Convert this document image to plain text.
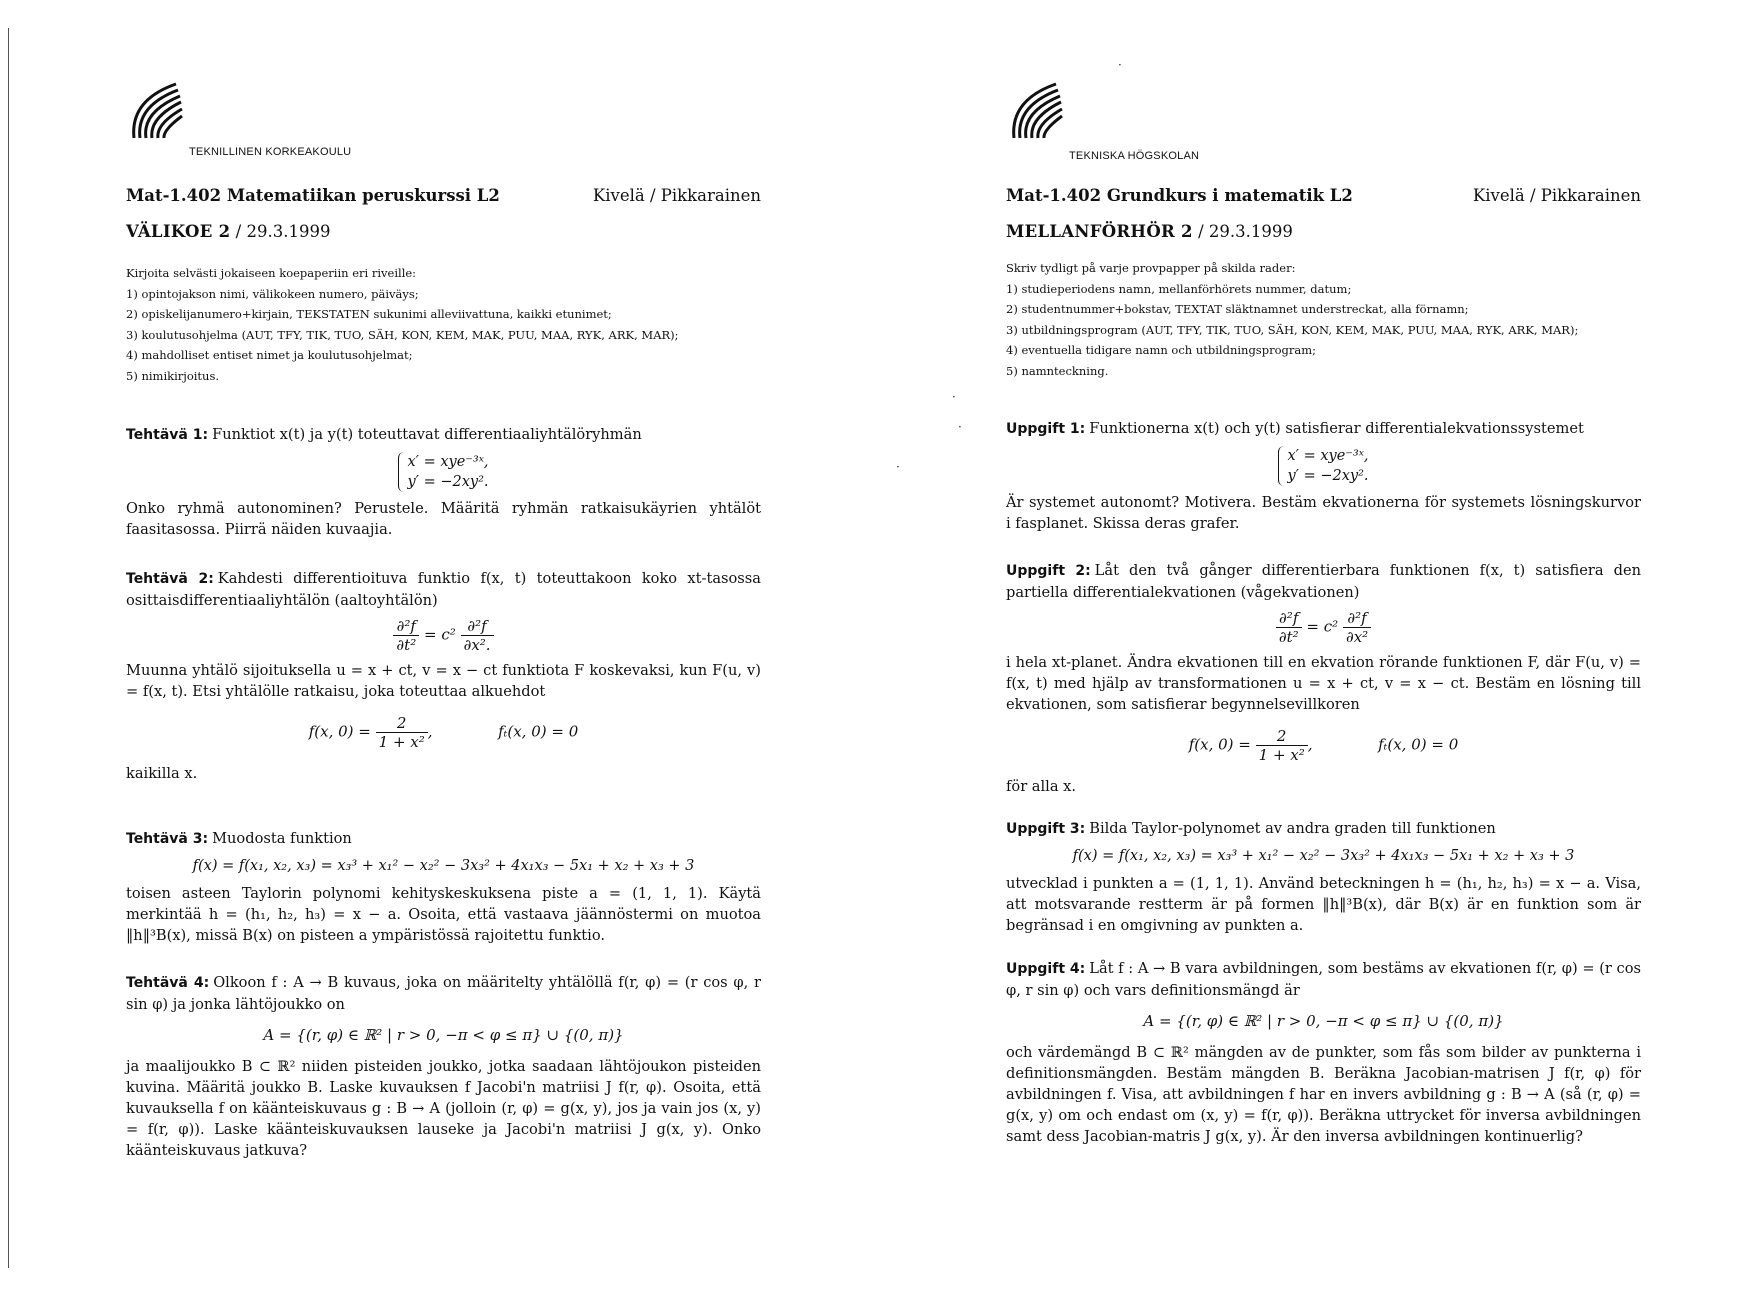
·
·
·
·
TEKNILLINEN KORKEAKOULU
Mat-1.402 Matematiikan peruskurssi L2	Kivelä / Pikkarainen
VÄLIKOE 2 / 29.3.1999
Kirjoita selvästi jokaiseen koepaperiin eri riveille:
1) opintojakson nimi, välikokeen numero, päiväys;
2) opiskelijanumero+kirjain, TEKSTATEN sukunimi alleviivattuna, kaikki etunimet;
3) koulutusohjelma (AUT, TFY, TIK, TUO, SÄH, KON, KEM, MAK, PUU, MAA, RYK, ARK, MAR);
4) mahdolliset entiset nimet ja koulutusohjelmat;
5) nimikirjoitus.
Tehtävä 1: Funktiot x(t) ja y(t) toteuttavat differentiaaliyhtälöryhmän
x′ = xye⁻³ˣ,
y′ = −2xy².
Onko ryhmä autonominen? Perustele. Määritä ryhmän ratkaisukäyrien yhtälöt faasitasossa. Piirrä näiden kuvaajia.
Tehtävä 2: Kahdesti differentioituva funktio f(x, t) toteuttakoon koko xt-tasossa osittaisdifferentiaaliyhtälön (aaltoyhtälön)
$\frac{\text{∂²f}}{\text{∂t²}} = c^2 \frac{\text{∂²f}}{\text{∂x².}}$
Muunna yhtälö sijoituksella u = x + ct, v = x − ct funktiota F koskevaksi, kun F(u, v) = f(x, t). Etsi yhtälölle ratkaisu, joka toteuttaa alkuehdot
f(x, $0) = \frac{2}{\text{1 + x²}}$ ,	fₜ(x, 0) = 0
kaikilla x.
Tehtävä 3: Muodosta funktion
f(x) = f(x₁, x₂, x₃) = x₃³ + x₁² − x₂² − 3x₃² + 4x₁x₃ − 5x₁ + x₂ + x₃ + 3
toisen asteen Taylorin polynomi kehityskeskuksena piste a = (1, 1, 1). Käytä merkintää h = (h₁, h₂, h₃) = x − a. Osoita, että vastaava jäännöstermi on muotoa ‖h‖³B(x), missä B(x) on pisteen a ympäristössä rajoitettu funktio.
Tehtävä 4: Olkoon f : A → B kuvaus, joka on määritelty yhtälöllä f(r, φ) = (r cos φ, r sin φ) ja jonka lähtöjoukko on
A = {(r, φ) ∈ ℝ² | r > 0, −π < φ ≤ π} ∪ {(0, π)}
ja maalijoukko B ⊂ ℝ² niiden pisteiden joukko, jotka saadaan lähtöjoukon pisteiden kuvina. Määritä joukko B. Laske kuvauksen f Jacobi'n matriisi J f(r, φ). Osoita, että kuvauksella f on käänteiskuvaus g : B → A (jolloin (r, φ) = g(x, y), jos ja vain jos (x, y) = f(r, φ)). Laske käänteiskuvauksen lauseke ja Jacobi'n matriisi J g(x, y). Onko käänteiskuvaus jatkuva?
TEKNISKA HÖGSKOLAN
Mat-1.402 Grundkurs i matematik L2	Kivelä / Pikkarainen
MELLANFÖRHÖR 2 / 29.3.1999
Skriv tydligt på varje provpapper på skilda rader:
1) studieperiodens namn, mellanförhörets nummer, datum;
2) studentnummer+bokstav, TEXTAT släktnamnet understreckat, alla förnamn;
3) utbildningsprogram (AUT, TFY, TIK, TUO, SÄH, KON, KEM, MAK, PUU, MAA, RYK, ARK, MAR);
4) eventuella tidigare namn och utbildningsprogram;
5) namnteckning.
Uppgift 1: Funktionerna x(t) och y(t) satisfierar differentialekvationssystemet
x′ = xye⁻³ˣ,
y′ = −2xy².
Är systemet autonomt? Motivera. Bestäm ekvationerna för systemets lösningskurvor i fasplanet. Skissa deras grafer.
Uppgift 2: Låt den två gånger differentierbara funktionen f(x, t) satisfiera den partiella differentialekvationen (vågekvationen)
$\frac{\text{∂²f}}{\text{∂t²}} = c^2 \frac{\text{∂²f}}{\text{∂x²}}$
i hela xt-planet. Ändra ekvationen till en ekvation rörande funktionen F, där F(u, v) = f(x, t) med hjälp av transformationen u = x + ct, v = x − ct. Bestäm en lösning till ekvationen, som satisfierar begynnelsevillkoren
f(x, $0) = \frac{2}{\text{1 + x²}}$ ,	fₜ(x, 0) = 0
för alla x.
Uppgift 3: Bilda Taylor-polynomet av andra graden till funktionen
f(x) = f(x₁, x₂, x₃) = x₃³ + x₁² − x₂² − 3x₃² + 4x₁x₃ − 5x₁ + x₂ + x₃ + 3
utvecklad i punkten a = (1, 1, 1). Använd beteckningen h = (h₁, h₂, h₃) = x − a. Visa, att motsvarande restterm är på formen ‖h‖³B(x), där B(x) är en funktion som är begränsad i en omgivning av punkten a.
Uppgift 4: Låt f : A → B vara avbildningen, som bestäms av ekvationen f(r, φ) = (r cos φ, r sin φ) och vars definitionsmängd är
A = {(r, φ) ∈ ℝ² | r > 0, −π < φ ≤ π} ∪ {(0, π)}
och värdemängd B ⊂ ℝ² mängden av de punkter, som fås som bilder av punkterna i definitionsmängden. Bestäm mängden B. Beräkna Jacobian-matrisen J f(r, φ) för avbildningen f. Visa, att avbildningen f har en invers avbildning g : B → A (så (r, φ) = g(x, y) om och endast om (x, y) = f(r, φ)). Beräkna uttrycket för inversa avbildningen samt dess Jacobian-matris J g(x, y). Är den inversa avbildningen kontinuerlig?
